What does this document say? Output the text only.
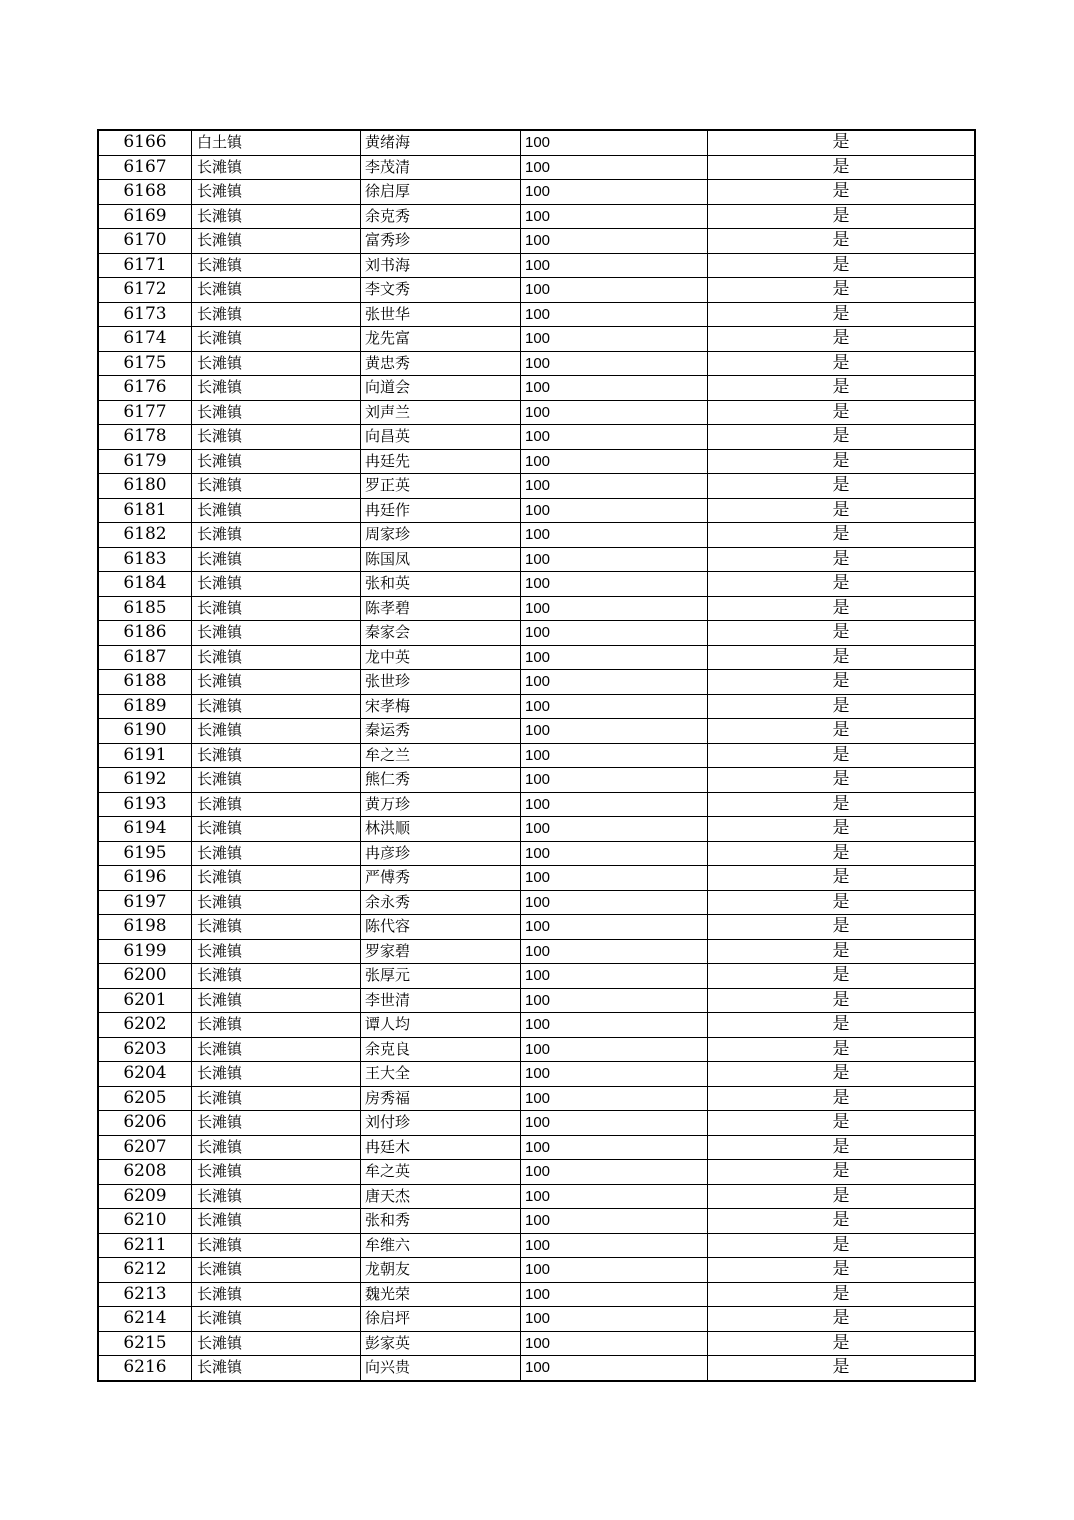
6166	白土镇	黄绪海	100	是
6167	长滩镇	李茂清	100	是
6168	长滩镇	徐启厚	100	是
6169	长滩镇	余克秀	100	是
6170	长滩镇	富秀珍	100	是
6171	长滩镇	刘书海	100	是
6172	长滩镇	李文秀	100	是
6173	长滩镇	张世华	100	是
6174	长滩镇	龙先富	100	是
6175	长滩镇	黄忠秀	100	是
6176	长滩镇	向道会	100	是
6177	长滩镇	刘声兰	100	是
6178	长滩镇	向昌英	100	是
6179	长滩镇	冉廷先	100	是
6180	长滩镇	罗正英	100	是
6181	长滩镇	冉廷作	100	是
6182	长滩镇	周家珍	100	是
6183	长滩镇	陈国凤	100	是
6184	长滩镇	张和英	100	是
6185	长滩镇	陈孝碧	100	是
6186	长滩镇	秦家会	100	是
6187	长滩镇	龙中英	100	是
6188	长滩镇	张世珍	100	是
6189	长滩镇	宋孝梅	100	是
6190	长滩镇	秦运秀	100	是
6191	长滩镇	牟之兰	100	是
6192	长滩镇	熊仁秀	100	是
6193	长滩镇	黄万珍	100	是
6194	长滩镇	林洪顺	100	是
6195	长滩镇	冉彦珍	100	是
6196	长滩镇	严傅秀	100	是
6197	长滩镇	余永秀	100	是
6198	长滩镇	陈代容	100	是
6199	长滩镇	罗家碧	100	是
6200	长滩镇	张厚元	100	是
6201	长滩镇	李世清	100	是
6202	长滩镇	谭人均	100	是
6203	长滩镇	余克良	100	是
6204	长滩镇	王大全	100	是
6205	长滩镇	房秀福	100	是
6206	长滩镇	刘付珍	100	是
6207	长滩镇	冉廷木	100	是
6208	长滩镇	牟之英	100	是
6209	长滩镇	唐天杰	100	是
6210	长滩镇	张和秀	100	是
6211	长滩镇	牟维六	100	是
6212	长滩镇	龙朝友	100	是
6213	长滩镇	魏光荣	100	是
6214	长滩镇	徐启坪	100	是
6215	长滩镇	彭家英	100	是
6216	长滩镇	向兴贵	100	是
